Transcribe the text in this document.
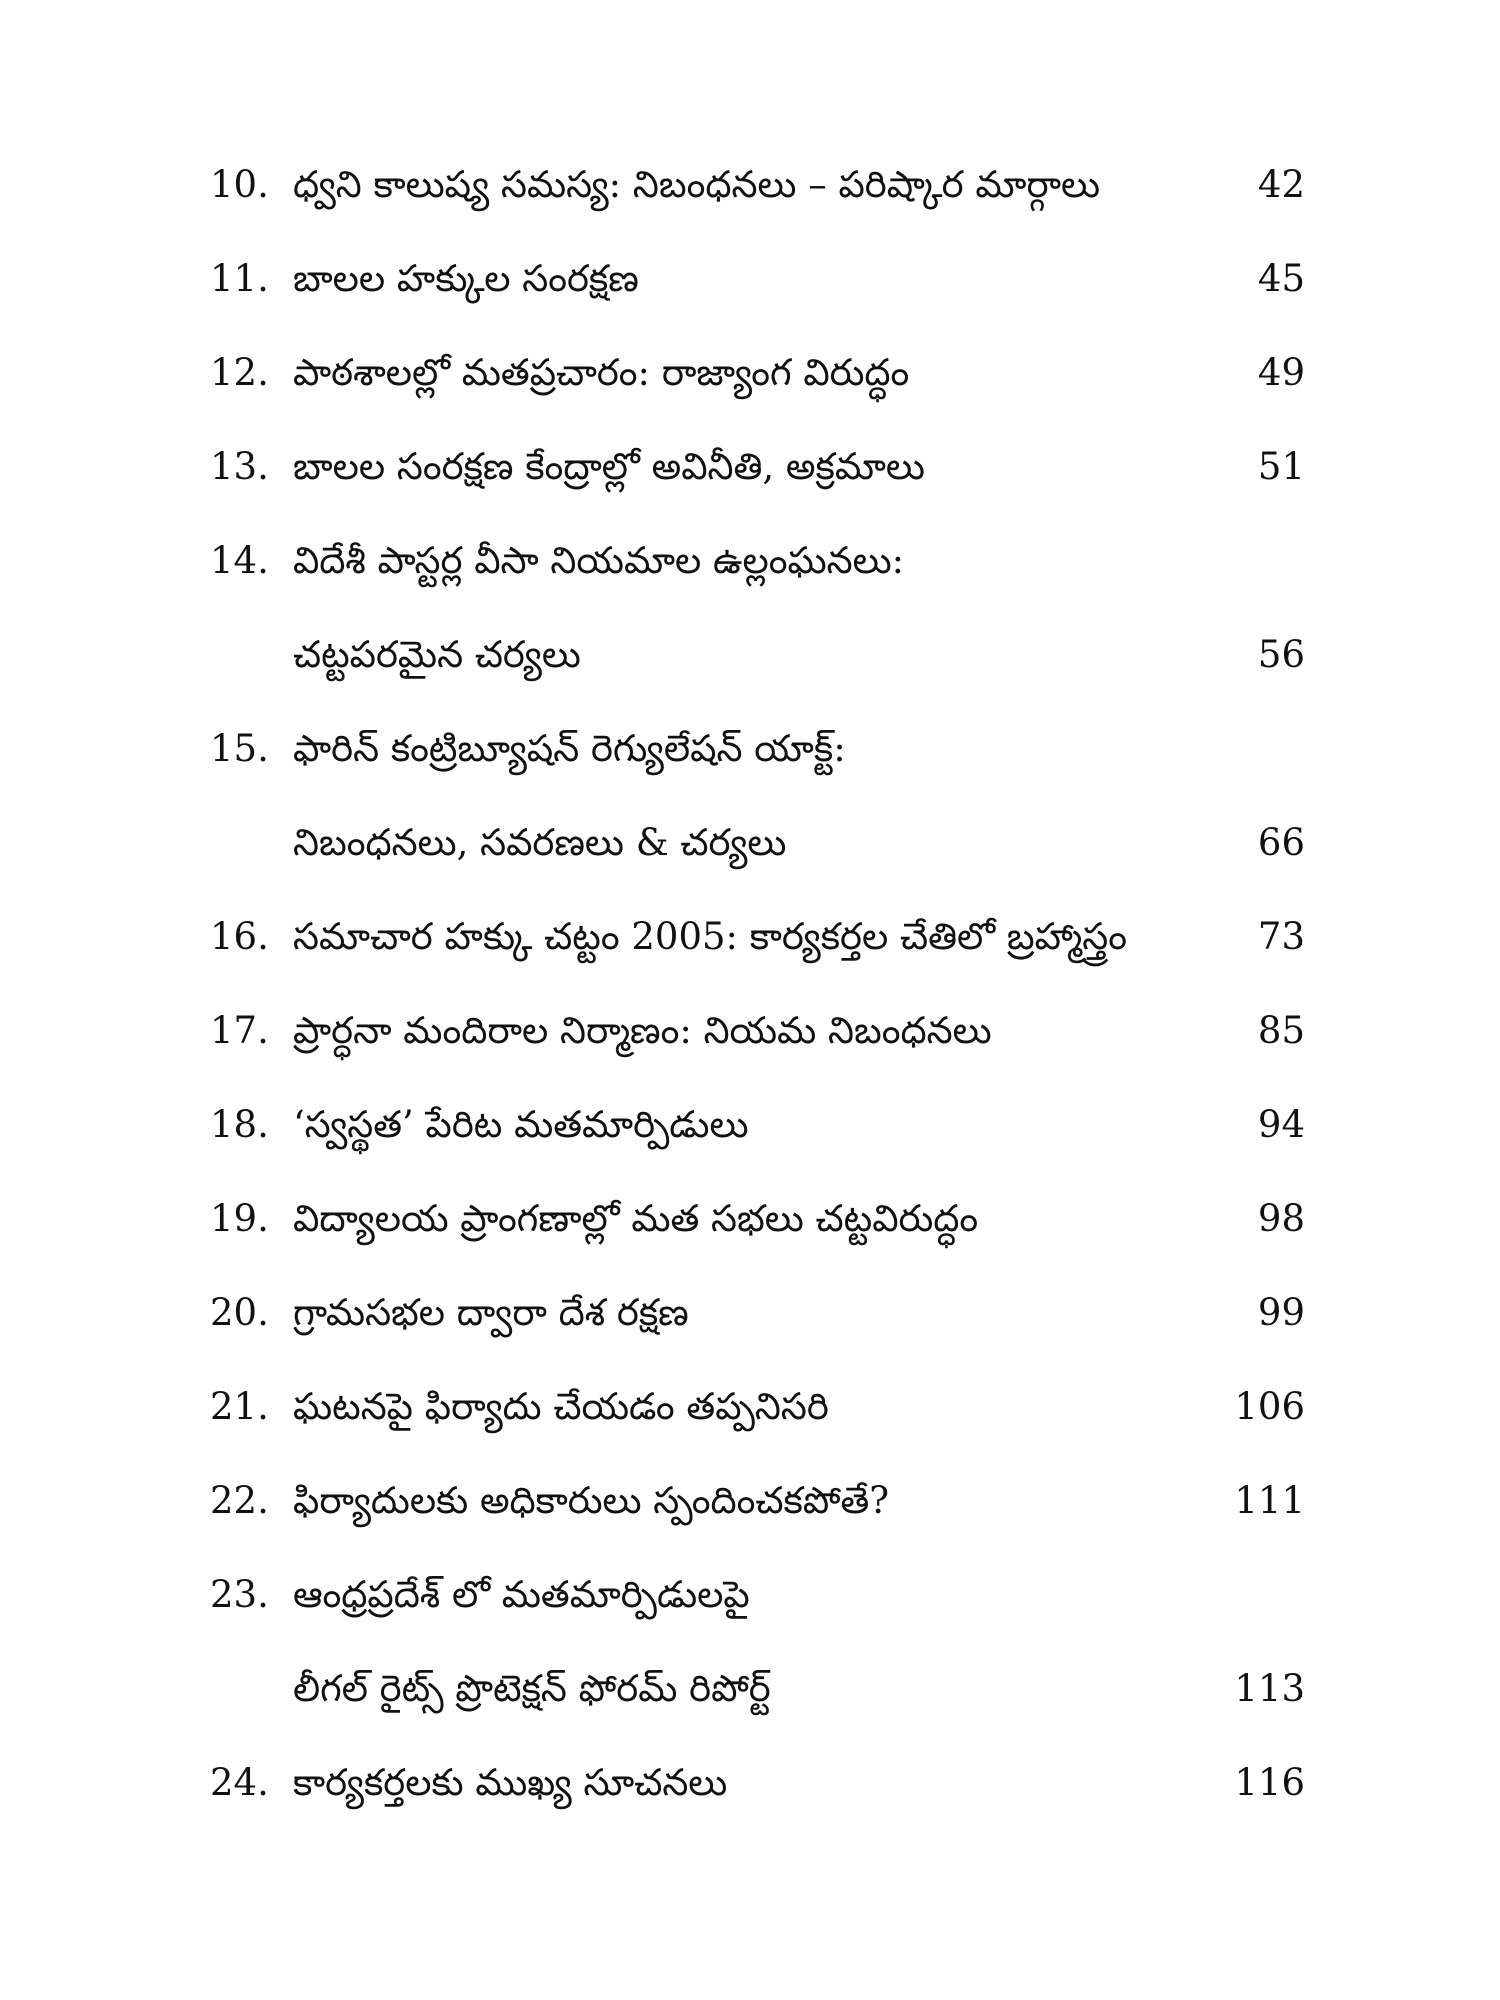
10. ధ్వని కాలుష్య సమస్య: నిబంధనలు – పరిష్కార మార్గాలు	42
11. బాలల హక్కుల సంరక్షణ	45
12. పాఠశాలల్లో మతప్రచారం: రాజ్యాంగ విరుద్ధం	49
13. బాలల సంరక్షణ కేంద్రాల్లో అవినీతి, అక్రమాలు	51
14. విదేశీ పాస్టర్ల వీసా నియమాల ఉల్లంఘనలు:
చట్టపరమైన చర్యలు	56
15. ఫారిన్ కంట్రిబ్యూషన్ రెగ్యులేషన్ యాక్ట్:
నిబంధనలు, సవరణలు & చర్యలు	66
16. సమాచార హక్కు చట్టం 2005: కార్యకర్తల చేతిలో బ్రహ్మాస్త్రం	73
17. ప్రార్ధనా మందిరాల నిర్మాణం: నియమ నిబంధనలు	85
18. ‘స్వస్థత’ పేరిట మతమార్పిడులు	94
19. విద్యాలయ ప్రాంగణాల్లో మత సభలు చట్టవిరుద్ధం	98
20. గ్రామసభల ద్వారా దేశ రక్షణ	99
21. ఘటనపై ఫిర్యాదు చేయడం తప్పనిసరి	106
22. ఫిర్యాదులకు అధికారులు స్పందించకపోతే?	111
23. ఆంధ్రప్రదేశ్ లో మతమార్పిడులపై
లీగల్ రైట్స్ ప్రొటెక్షన్ ఫోరమ్ రిపోర్ట్	113
24. కార్యకర్తలకు ముఖ్య సూచనలు	116
